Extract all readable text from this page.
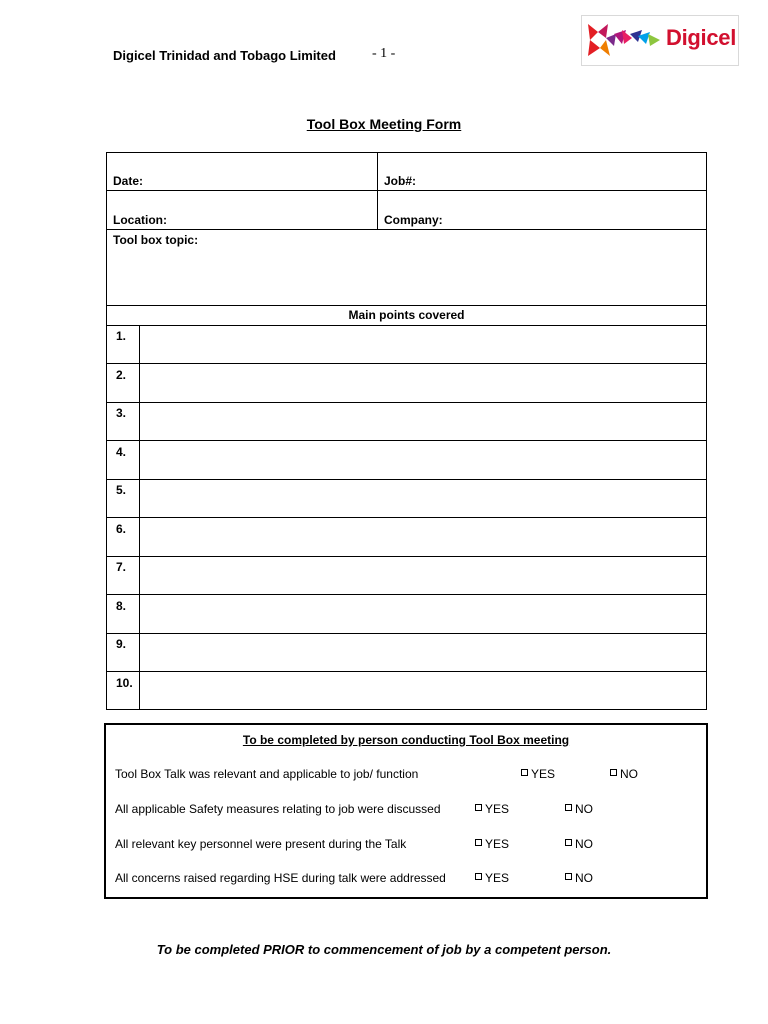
Digicel Trinidad and Tobago Limited	- 1 -
Digicel
Tool Box Meeting Form
Date:	Job#:
Location:	Company:
Tool box topic:
Main points covered
1.
2.
3.
4.
5.
6.
7.
8.
9.
10.
To be completed by person conducting Tool Box meeting
Tool Box Talk was relevant and applicable to job/ function	YES	NO
All applicable Safety measures relating to job were discussed	YES	NO
All relevant key personnel were present during the Talk	YES	NO
All concerns raised regarding HSE during talk were addressed	YES	NO
To be completed PRIOR to commencement of job by a competent person.
